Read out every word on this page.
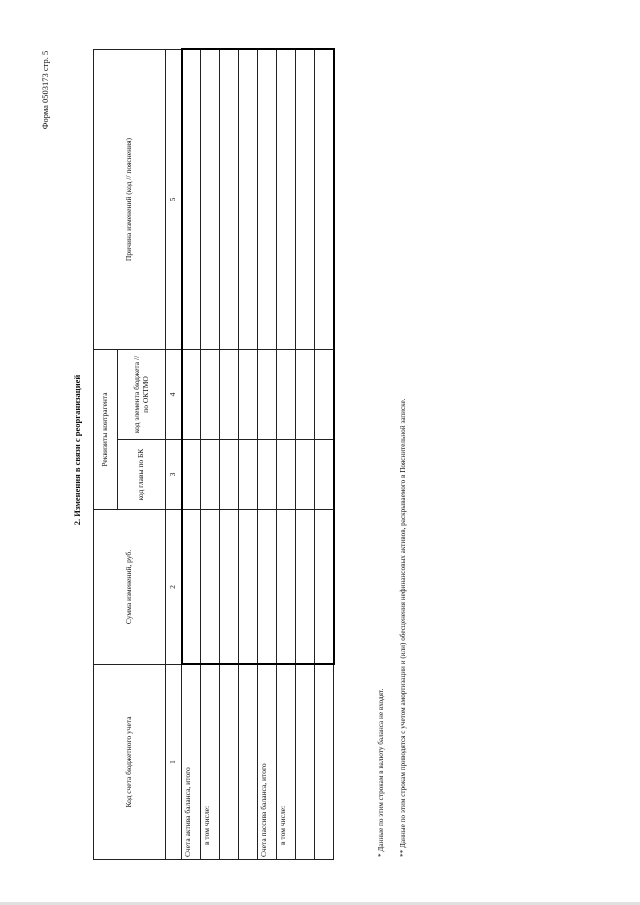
Форма 0503173 стр. 5
2. Изменения в связи с реорганизацией
Код счета бюджетного учета	Сумма изменений, руб.	Реквизиты контрагента		Причина изменений (код // пояснения)
		код главы по БК	код элемента бюджета // по ОКТМО	
1	2	3	4	5
Счета актива баланса, итого				
в том числе:				

Счета пассива баланса, итого				
в том числе:				

					* Данные по этим строкам в валюту баланса не входят. ** Данные по этим строкам приводятся с учетом амортизации и (или) обесценения нефинансовых активов, раскрываемого в Пояснительной записке.
